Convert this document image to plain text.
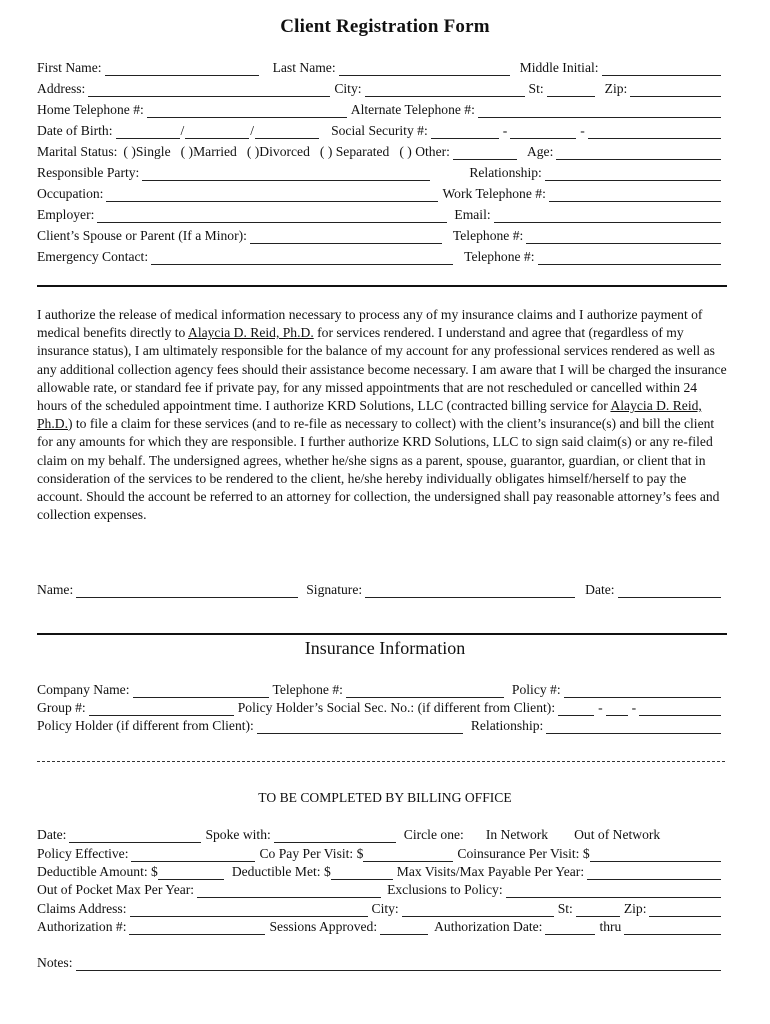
Client Registration Form
First Name:	Last Name:	Middle Initial:
Address:	City:	St:	Zip:
Home Telephone #:	Alternate Telephone #:
Date of Birth:	/	/	Social Security #:	-	-
Marital Status: ( )Single ( )Married ( )Divorced ( ) Separated ( ) Other:	Age:
Responsible Party:	Relationship:
Occupation:	Work Telephone #:
Employer:	Email:
Client’s Spouse or Parent (If a Minor):	Telephone #:
Emergency Contact:	Telephone #:
I authorize the release of medical information necessary to process any of my insurance claims and I authorize payment of medical benefits directly to Alaycia D. Reid, Ph.D. for services rendered. I understand and agree that (regardless of my insurance status), I am ultimately responsible for the balance of my account for any professional services rendered as well as any additional collection agency fees should their assistance become necessary. I am aware that I will be charged the insurance allowable rate, or standard fee if private pay, for any missed appointments that are not rescheduled or cancelled within 24 hours of the scheduled appointment time. I authorize KRD Solutions, LLC (contracted billing service for Alaycia D. Reid, Ph.D.) to file a claim for these services (and to re-file as necessary to collect) with the client’s insurance(s) and bill the client for any amounts for which they are responsible. I further authorize KRD Solutions, LLC to sign said claim(s) or any re-filed claim on my behalf. The undersigned agrees, whether he/she signs as a parent, spouse, guarantor, guardian, or client that in consideration of the services to be rendered to the client, he/she hereby individually obligates himself/herself to pay the account. Should the account be referred to an attorney for collection, the undersigned shall pay reasonable attorney’s fees and collection expenses.
Name:	Signature:	Date:
Insurance Information
Company Name:	Telephone #:	Policy #:
Group #:	Policy Holder’s Social Sec. No.: (if different from Client):	- -
Policy Holder (if different from Client):	Relationship:
TO BE COMPLETED BY BILLING OFFICE
Date:	Spoke with:	Circle one: In Network Out of Network
Policy Effective:	Co Pay Per Visit: $	Coinsurance Per Visit: $
Deductible Amount: $	Deductible Met: $	Max Visits/Max Payable Per Year:
Out of Pocket Max Per Year:	Exclusions to Policy:
Claims Address:	City:	St:	Zip:
Authorization #:	Sessions Approved:	Authorization Date:	thru
Notes:
